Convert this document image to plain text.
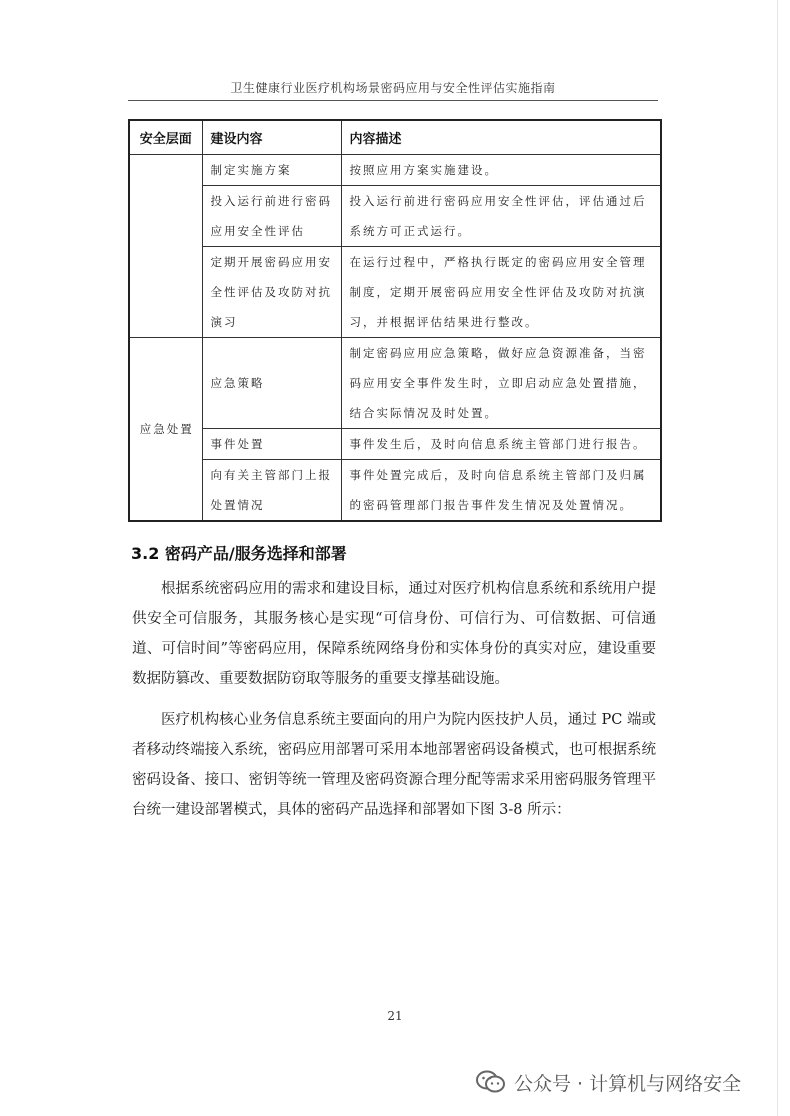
卫生健康行业医疗机构场景密码应用与安全性评估实施指南
安全层面	建设内容	内容描述
	制定实施方案	按照应用方案实施建设。
	投入运行前进行密码应用安全性评估	投入运行前进行密码应用安全性评估，评估通过后系统方可正式运行。
	定期开展密码应用安全性评估及攻防对抗演习	在运行过程中，严格执行既定的密码应用安全管理制度，定期开展密码应用安全性评估及攻防对抗演习，并根据评估结果进行整改。
应急处置	应急策略	制定密码应用应急策略，做好应急资源准备，当密码应用安全事件发生时，立即启动应急处置措施，结合实际情况及时处置。
	事件处置	事件发生后，及时向信息系统主管部门进行报告。
	向有关主管部门上报处置情况	事件处置完成后，及时向信息系统主管部门及归属的密码管理部门报告事件发生情况及处置情况。
3.2 密码产品/服务选择和部署

根据系统密码应用的需求和建设目标，通过对医疗机构信息系统和系统用户提供安全可信服务，其服务核心是实现“可信身份、可信行为、可信数据、可信通道、可信时间”等密码应用，保障系统网络身份和实体身份的真实对应，建设重要数据防篡改、重要数据防窃取等服务的重要支撑基础设施。

医疗机构核心业务信息系统主要面向的用户为院内医技护人员，通过 PC 端或者移动终端接入系统，密码应用部署可采用本地部署密码设备模式，也可根据系统密码设备、接口、密钥等统一管理及密码资源合理分配等需求采用密码服务管理平台统一建设部署模式，具体的密码产品选择和部署如下图 3-8 所示：

21
公众号 · 计算机与网络安全
